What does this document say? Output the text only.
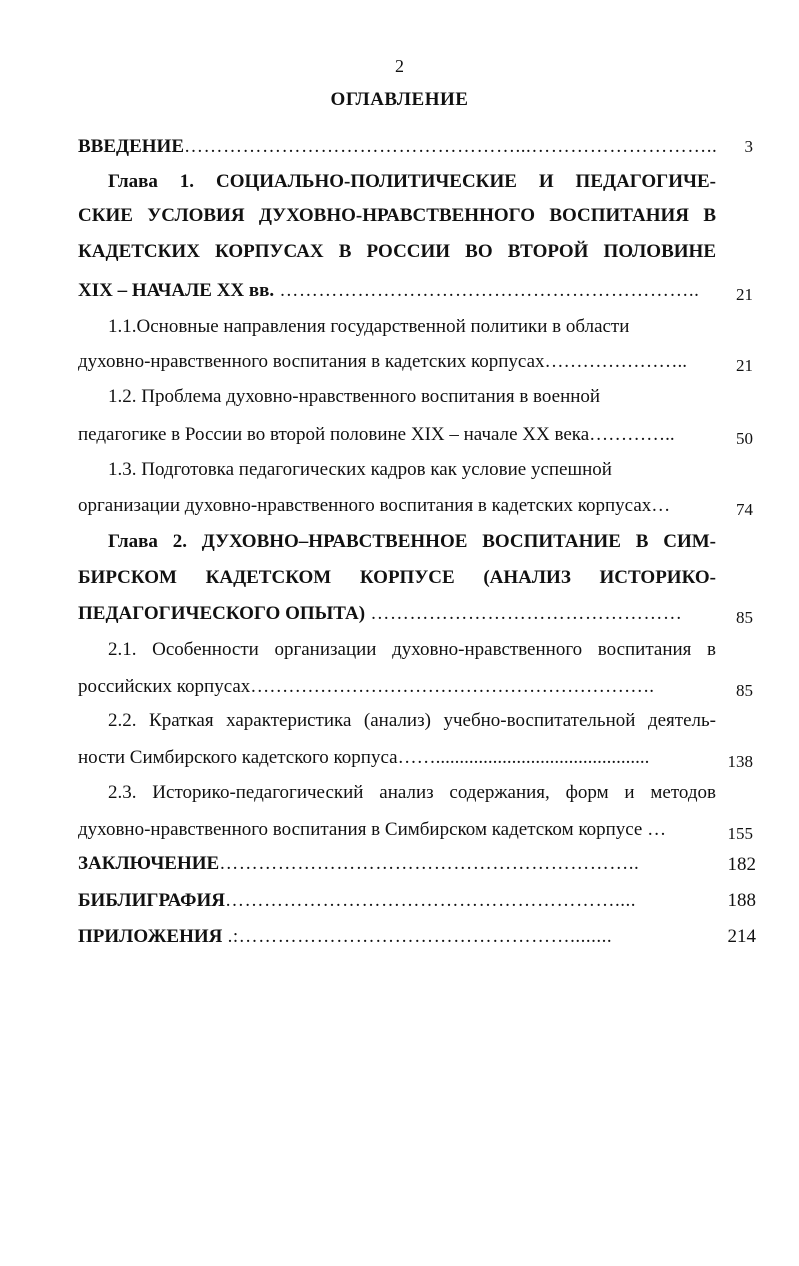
2
ОГЛАВЛЕНИЕ
ВВЕДЕНИЕ……………………………………………...………………………..	3
Глава 1. СОЦИАЛЬНО-ПОЛИТИЧЕСКИЕ И ПЕДАГОГИЧЕ-
СКИЕ УСЛОВИЯ ДУХОВНО-НРАВСТВЕННОГО ВОСПИТАНИЯ В
КАДЕТСКИХ КОРПУСАХ В РОССИИ ВО ВТОРОЙ ПОЛОВИНЕ
XIX – НАЧАЛЕ XX вв. ………………………………………………………..	21
1.1.Основные направления государственной политики в области
духовно-нравственного воспитания в кадетских корпусах…………………..	21
1.2. Проблема духовно-нравственного воспитания в военной
педагогике в России во второй половине XIX – начале XX века…………..	50
1.3. Подготовка педагогических кадров как условие успешной
организации духовно-нравственного воспитания в кадетских корпусах…	74
Глава 2. ДУХОВНО–НРАВСТВЕННОЕ ВОСПИТАНИЕ В СИМ-
БИРСКОМ КАДЕТСКОМ КОРПУСЕ (АНАЛИЗ ИСТОРИКО-
ПЕДАГОГИЧЕСКОГО ОПЫТА) …………………………………………	85
2.1. Особенности организации духовно-нравственного воспитания в
российских корпусах……………………………………………………….	85
2.2. Краткая характеристика (анализ) учебно-воспитательной деятель-
ности Симбирского кадетского корпуса…….............................................	138
2.3. Историко-педагогический анализ содержания, форм и методов
духовно-нравственного воспитания в Симбирском кадетском корпусе …	155
ЗАКЛЮЧЕНИЕ………………………………………………………..	182
БИБЛИГРАФИЯ……………………………………………………....	188
ПРИЛОЖЕНИЯ .:……………………………………………........	214
